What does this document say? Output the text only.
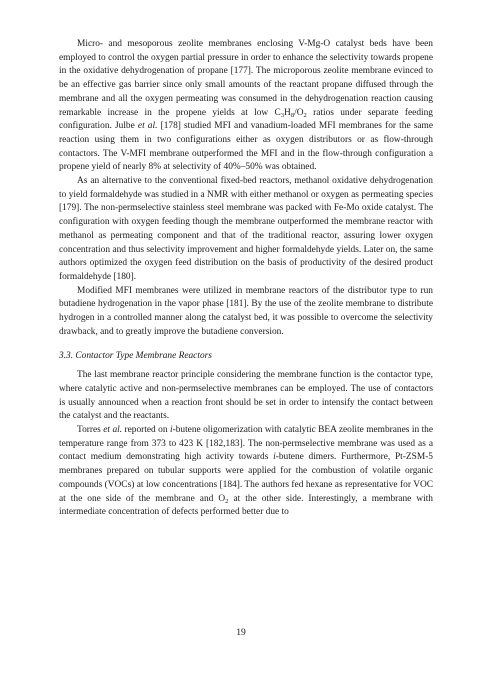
Micro- and mesoporous zeolite membranes enclosing V-Mg-O catalyst beds have been employed to control the oxygen partial pressure in order to enhance the selectivity towards propene in the oxidative dehydrogenation of propane [177]. The microporous zeolite membrane evinced to be an effective gas barrier since only small amounts of the reactant propane diffused through the membrane and all the oxygen permeating was consumed in the dehydrogenation reaction causing remarkable increase in the propene yields at low $C_3H_8/O_2$ ratios under separate feeding configuration. Julbe et al. [178] studied MFI and vanadium-loaded MFI membranes for the same reaction using them in two configurations either as oxygen distributors or as flow-through contactors. The V-MFI membrane outperformed the MFI and in the flow-through configuration a propene yield of nearly 8% at selectivity of 40%–50% was obtained.

As an alternative to the conventional fixed-bed reactors, methanol oxidative dehydrogenation to yield formaldehyde was studied in a NMR with either methanol or oxygen as permeating species [179]. The non-permselective stainless steel membrane was packed with Fe-Mo oxide catalyst. The configuration with oxygen feeding though the membrane outperformed the membrane reactor with methanol as permeating component and that of the traditional reactor, assuring lower oxygen concentration and thus selectivity improvement and higher formaldehyde yields. Later on, the same authors optimized the oxygen feed distribution on the basis of productivity of the desired product formaldehyde [180].

Modified MFI membranes were utilized in membrane reactors of the distributor type to run butadiene hydrogenation in the vapor phase [181]. By the use of the zeolite membrane to distribute hydrogen in a controlled manner along the catalyst bed, it was possible to overcome the selectivity drawback, and to greatly improve the butadiene conversion.

3.3. Contactor Type Membrane Reactors

The last membrane reactor principle considering the membrane function is the contactor type, where catalytic active and non-permselective membranes can be employed. The use of contactors is usually announced when a reaction front should be set in order to intensify the contact between the catalyst and the reactants.

Torres et al. reported on i-butene oligomerization with catalytic BEA zeolite membranes in the temperature range from 373 to 423 K [182,183]. The non-permselective membrane was used as a contact medium demonstrating high activity towards i-butene dimers. Furthermore, Pt-ZSM-5 membranes prepared on tubular supports were applied for the combustion of volatile organic compounds (VOCs) at low concentrations [184]. The authors fed hexane as representative for VOC at the one side of the membrane and $O_2$ at the other side. Interestingly, a membrane with intermediate concentration of defects performed better due to

19
